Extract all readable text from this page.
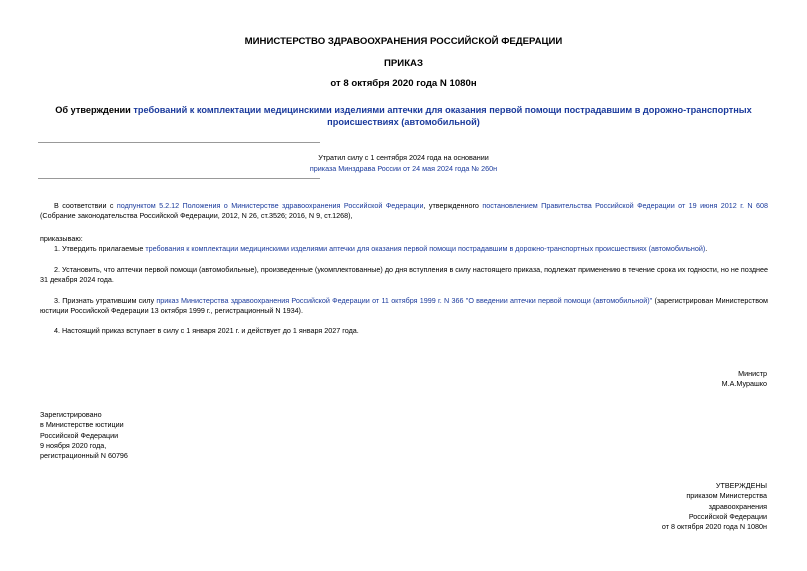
МИНИСТЕРСТВО ЗДРАВООХРАНЕНИЯ РОССИЙСКОЙ ФЕДЕРАЦИИ
ПРИКАЗ
от 8 октября 2020 года N 1080н
Об утверждении требований к комплектации медицинскими изделиями аптечки для оказания первой помощи пострадавшим в дорожно-транспортных происшествиях (автомобильной)
Утратил силу с 1 сентября 2024 года на основании
приказа Минздрава России от 24 мая 2024 года № 260н
В соответствии с подпунктом 5.2.12 Положения о Министерстве здравоохранения Российской Федерации, утвержденного постановлением Правительства Российской Федерации от 19 июня 2012 г. N 608 (Собрание законодательства Российской Федерации, 2012, N 26, ст.3526; 2016, N 9, ст.1268),
приказываю:
1. Утвердить прилагаемые требования к комплектации медицинскими изделиями аптечки для оказания первой помощи пострадавшим в дорожно-транспортных происшествиях (автомобильной).
2. Установить, что аптечки первой помощи (автомобильные), произведенные (укомплектованные) до дня вступления в силу настоящего приказа, подлежат применению в течение срока их годности, но не позднее 31 декабря 2024 года.
3. Признать утратившим силу приказ Министерства здравоохранения Российской Федерации от 11 октября 1999 г. N 366 "О введении аптечки первой помощи (автомобильной)" (зарегистрирован Министерством юстиции Российской Федерации 13 октября 1999 г., регистрационный N 1934).
4. Настоящий приказ вступает в силу с 1 января 2021 г. и действует до 1 января 2027 года.
Министр
М.А.Мурашко
Зарегистрировано
в Министерстве юстиции
Российской Федерации
9 ноября 2020 года,
регистрационный N 60796
УТВЕРЖДЕНЫ
приказом Министерства
здравоохранения
Российской Федерации
от 8 октября 2020 года N 1080н
